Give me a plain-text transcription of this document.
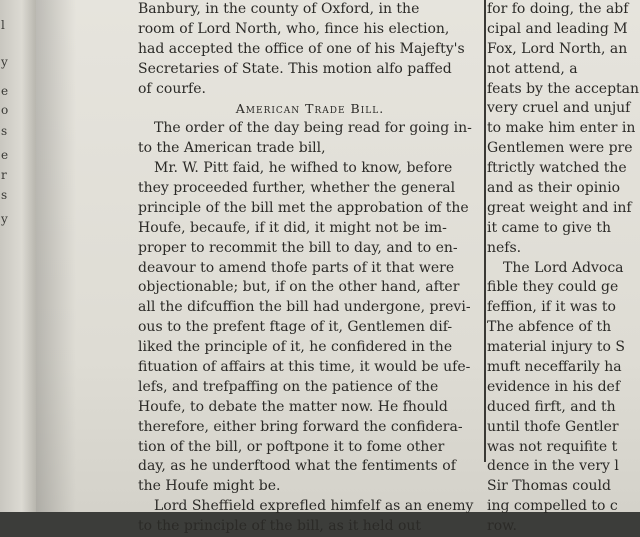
l
y
e
o
s
e
r
s
y
Banbury, in the county of Oxford, in the
room of Lord North, who, fince his election,
had accepted the office of one of his Majefty's
Secretaries of State. This motion alfo paffed
of courfe.
American Trade Bill.
The order of the day being read for going in-
to the American trade bill,
Mr. W. Pitt faid, he wifhed to know, before
they proceeded further, whether the general
principle of the bill met the approbation of the
Houfe, becaufe, if it did, it might not be im-
proper to recommit the bill to day, and to en-
deavour to amend thofe parts of it that were
objectionable; but, if on the other hand, after
all the difcuffion the bill had undergone, previ-
ous to the prefent ftage of it, Gentlemen dif-
liked the principle of it, he confidered in the
fituation of affairs at this time, it would be ufe-
lefs, and trefpaffing on the patience of the
Houfe, to debate the matter now. He fhould
therefore, either bring forward the confidera-
tion of the bill, or poftpone it to fome other
day, as he underftood what the fentiments of
the Houfe might be.
Lord Sheffield exprefled himfelf as an enemy
to the principle of the bill, as it held out
for fo doing, the abf
cipal and leading M
Fox, Lord North, an
not attend, a
feats by the acceptan
very cruel and unjuf
to make him enter in
Gentlemen were pre
ftrictly watched the
and as their opinio
great weight and inf
it came to give th
nefs.
The Lord Advoca
fible they could ge
feffion, if it was to
The abfence of th
material injury to S
muft neceffarily ha
evidence in his def
duced firft, and th
until thofe Gentler
was not requifite t
dence in the very l
Sir Thomas could
ing compelled to c
row.
